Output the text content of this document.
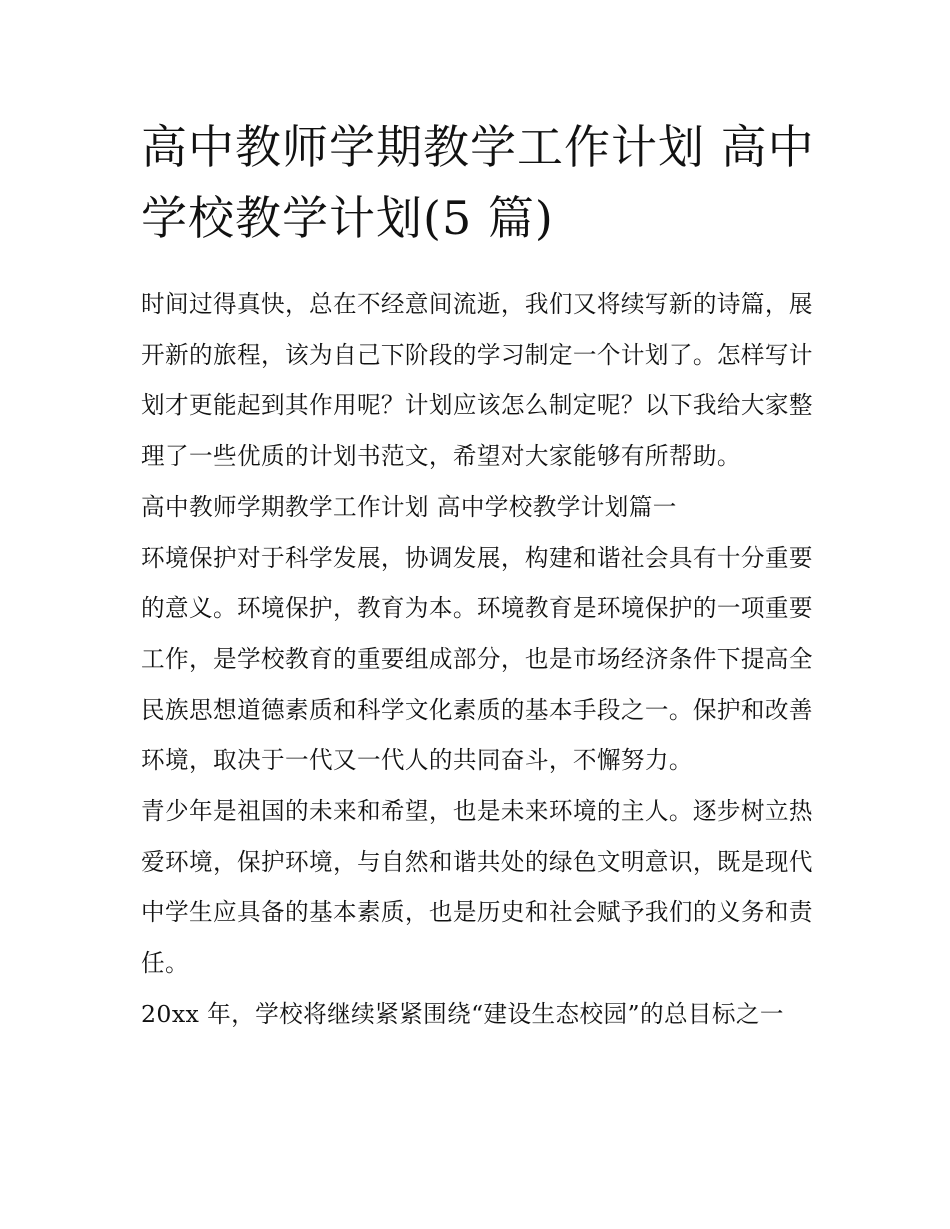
高中教师学期教学工作计划 高中学校教学计划(5 篇)

时间过得真快，总在不经意间流逝，我们又将续写新的诗篇，展开新的旅程，该为自己下阶段的学习制定一个计划了。怎样写计划才更能起到其作用呢？计划应该怎么制定呢？以下我给大家整理了一些优质的计划书范文，希望对大家能够有所帮助。

高中教师学期教学工作计划 高中学校教学计划篇一

环境保护对于科学发展，协调发展，构建和谐社会具有十分重要的意义。环境保护，教育为本。环境教育是环境保护的一项重要工作，是学校教育的重要组成部分，也是市场经济条件下提高全民族思想道德素质和科学文化素质的基本手段之一。保护和改善环境，取决于一代又一代人的共同奋斗，不懈努力。

青少年是祖国的未来和希望，也是未来环境的主人。逐步树立热爱环境，保护环境，与自然和谐共处的绿色文明意识，既是现代中学生应具备的基本素质，也是历史和社会赋予我们的义务和责任。

20xx 年，学校将继续紧紧围绕“建设生态校园”的总目标之一
